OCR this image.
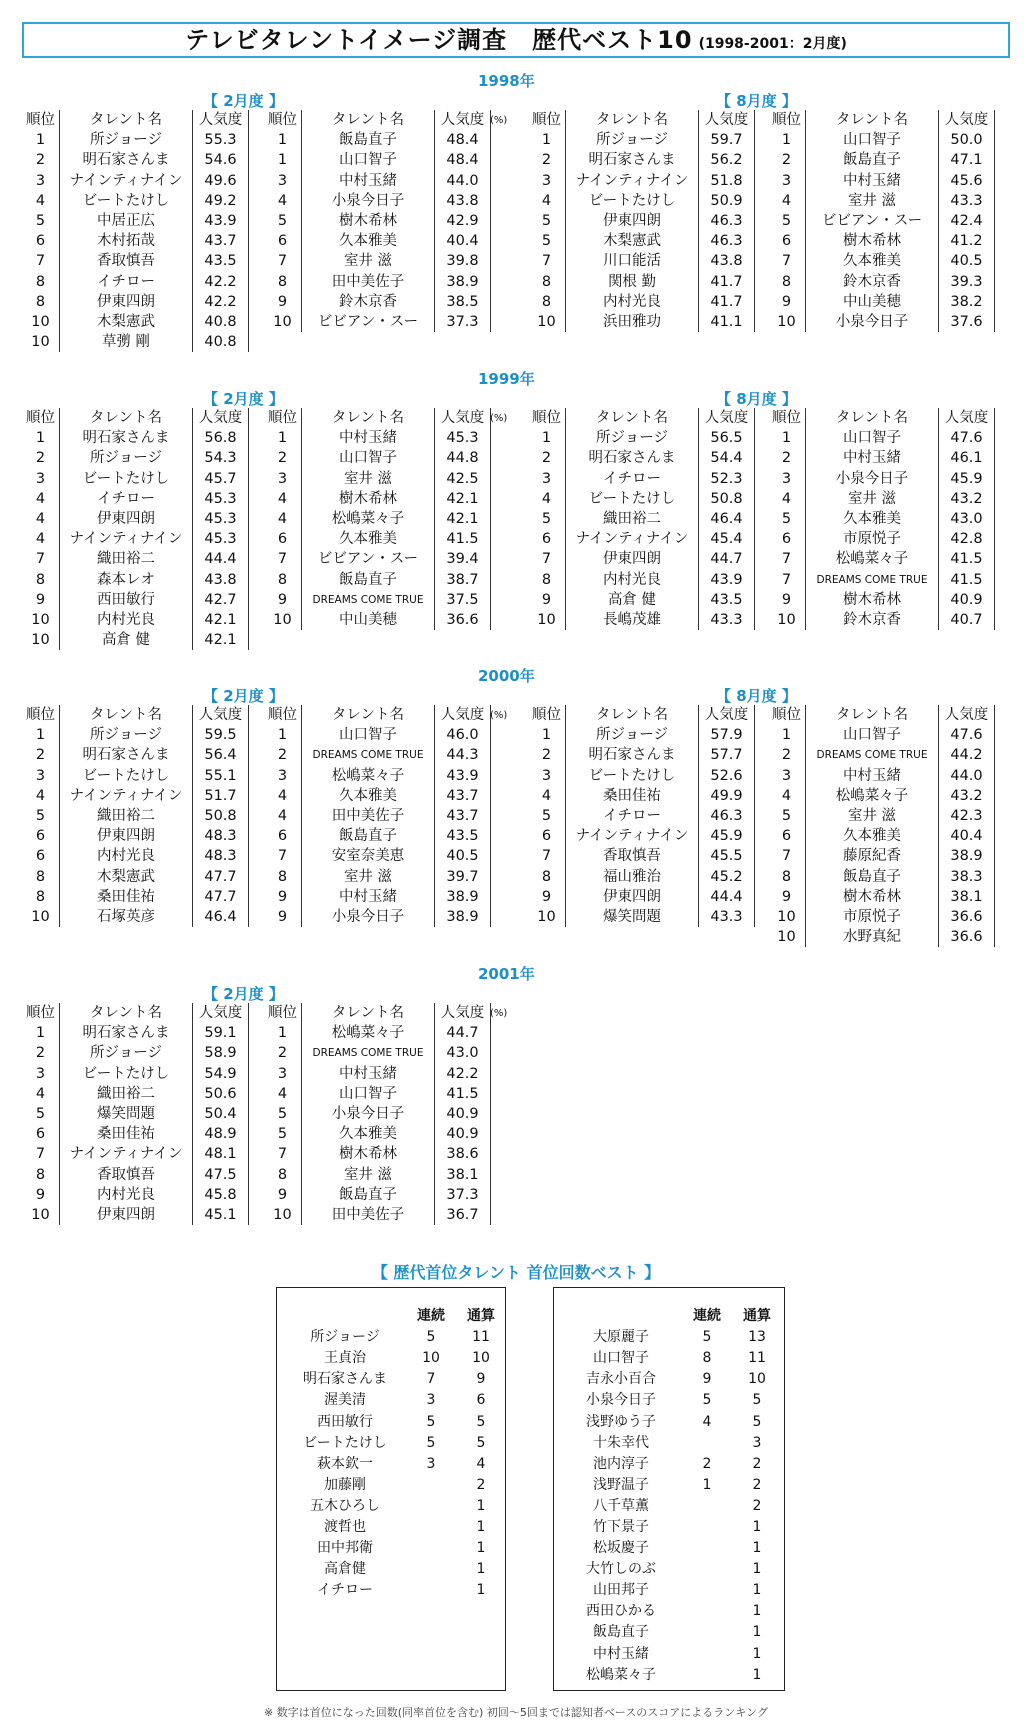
テレビタレントイメージ調査　歴代ベスト10 (1998-2001：2月度)
1998年
【 2月度 】	【 8月度 】
順位	タレント名	人気度
1	所ジョージ	55.3
2	明石家さんま	54.6
3	ナインティナイン	49.6
4	ビートたけし	49.2
5	中居正広	43.9
6	木村拓哉	43.7
7	香取慎吾	43.5
8	イチロー	42.2
8	伊東四朗	42.2
10	木梨憲武	40.8
10	草彅 剛	40.8
順位	タレント名	人気度
1	飯島直子	48.4
1	山口智子	48.4
3	中村玉緒	44.0
4	小泉今日子	43.8
5	樹木希林	42.9
6	久本雅美	40.4
7	室井 滋	39.8
8	田中美佐子	38.9
9	鈴木京香	38.5
10	ビビアン・スー	37.3
(%) 順位	タレント名	人気度
1	所ジョージ	59.7
2	明石家さんま	56.2
3	ナインティナイン	51.8
4	ビートたけし	50.9
5	伊東四朗	46.3
5	木梨憲武	46.3
7	川口能活	43.8
8	関根 勤	41.7
8	内村光良	41.7
10	浜田雅功	41.1
順位	タレント名	人気度
1	山口智子	50.0
2	飯島直子	47.1
3	中村玉緒	45.6
4	室井 滋	43.3
5	ビビアン・スー	42.4
6	樹木希林	41.2
7	久本雅美	40.5
8	鈴木京香	39.3
9	中山美穂	38.2
10	小泉今日子	37.6
1999年
【 2月度 】	【 8月度 】
順位	タレント名	人気度
1	明石家さんま	56.8
2	所ジョージ	54.3
3	ビートたけし	45.7
4	イチロー	45.3
4	伊東四朗	45.3
4	ナインティナイン	45.3
7	織田裕二	44.4
8	森本レオ	43.8
9	西田敏行	42.7
10	内村光良	42.1
10	高倉 健	42.1
順位	タレント名	人気度
1	中村玉緒	45.3
2	山口智子	44.8
3	室井 滋	42.5
4	樹木希林	42.1
4	松嶋菜々子	42.1
6	久本雅美	41.5
7	ビビアン・スー	39.4
8	飯島直子	38.7
9	DREAMS COME TRUE	37.5
10	中山美穂	36.6
(%) 順位	タレント名	人気度
1	所ジョージ	56.5
2	明石家さんま	54.4
3	イチロー	52.3
4	ビートたけし	50.8
5	織田裕二	46.4
6	ナインティナイン	45.4
7	伊東四朗	44.7
8	内村光良	43.9
9	高倉 健	43.5
10	長嶋茂雄	43.3
順位	タレント名	人気度
1	山口智子	47.6
2	中村玉緒	46.1
3	小泉今日子	45.9
4	室井 滋	43.2
5	久本雅美	43.0
6	市原悦子	42.8
7	松嶋菜々子	41.5
7	DREAMS COME TRUE	41.5
9	樹木希林	40.9
10	鈴木京香	40.7
2000年
【 2月度 】	【 8月度 】
順位	タレント名	人気度
1	所ジョージ	59.5
2	明石家さんま	56.4
3	ビートたけし	55.1
4	ナインティナイン	51.7
5	織田裕二	50.8
6	伊東四朗	48.3
6	内村光良	48.3
8	木梨憲武	47.7
8	桑田佳祐	47.7
10	石塚英彦	46.4
順位	タレント名	人気度
1	山口智子	46.0
2	DREAMS COME TRUE	44.3
3	松嶋菜々子	43.9
4	久本雅美	43.7
4	田中美佐子	43.7
6	飯島直子	43.5
7	安室奈美恵	40.5
8	室井 滋	39.7
9	中村玉緒	38.9
9	小泉今日子	38.9
(%) 順位	タレント名	人気度
1	所ジョージ	57.9
2	明石家さんま	57.7
3	ビートたけし	52.6
4	桑田佳祐	49.9
5	イチロー	46.3
6	ナインティナイン	45.9
7	香取慎吾	45.5
8	福山雅治	45.2
9	伊東四朗	44.4
10	爆笑問題	43.3
順位	タレント名	人気度
1	山口智子	47.6
2	DREAMS COME TRUE	44.2
3	中村玉緒	44.0
4	松嶋菜々子	43.2
5	室井 滋	42.3
6	久本雅美	40.4
7	藤原紀香	38.9
8	飯島直子	38.3
9	樹木希林	38.1
10	市原悦子	36.6
10	水野真紀	36.6
2001年
【 2月度 】
順位	タレント名	人気度
1	明石家さんま	59.1
2	所ジョージ	58.9
3	ビートたけし	54.9
4	織田裕二	50.6
5	爆笑問題	50.4
6	桑田佳祐	48.9
7	ナインティナイン	48.1
8	香取慎吾	47.5
9	内村光良	45.8
10	伊東四朗	45.1
順位	タレント名	人気度
1	松嶋菜々子	44.7
2	DREAMS COME TRUE	43.0
3	中村玉緒	42.2
4	山口智子	41.5
5	小泉今日子	40.9
5	久本雅美	40.9
7	樹木希林	38.6
8	室井 滋	38.1
9	飯島直子	37.3
10	田中美佐子	36.7
(%)
【 歴代首位タレント 首位回数ベスト 】
※ 数字は首位になった回数(同率首位を含む) 初回〜5回までは認知者ベースのスコアによるランキング
	連続	通算
所ジョージ	5	11
王貞治	10	10
明石家さんま	7	9
渥美清	3	6
西田敏行	5	5
ビートたけし	5	5
萩本欽一	3	4
加藤剛		2
五木ひろし		1
渡哲也		1
田中邦衛		1
高倉健		1
イチロー		1
	連続	通算
大原麗子	5	13
山口智子	8	11
吉永小百合	9	10
小泉今日子	5	5
浅野ゆう子	4	5
十朱幸代		3
池内淳子	2	2
浅野温子	1	2
八千草薫		2
竹下景子		1
松坂慶子		1
大竹しのぶ		1
山田邦子		1
西田ひかる		1
飯島直子		1
中村玉緒		1
松嶋菜々子		1
